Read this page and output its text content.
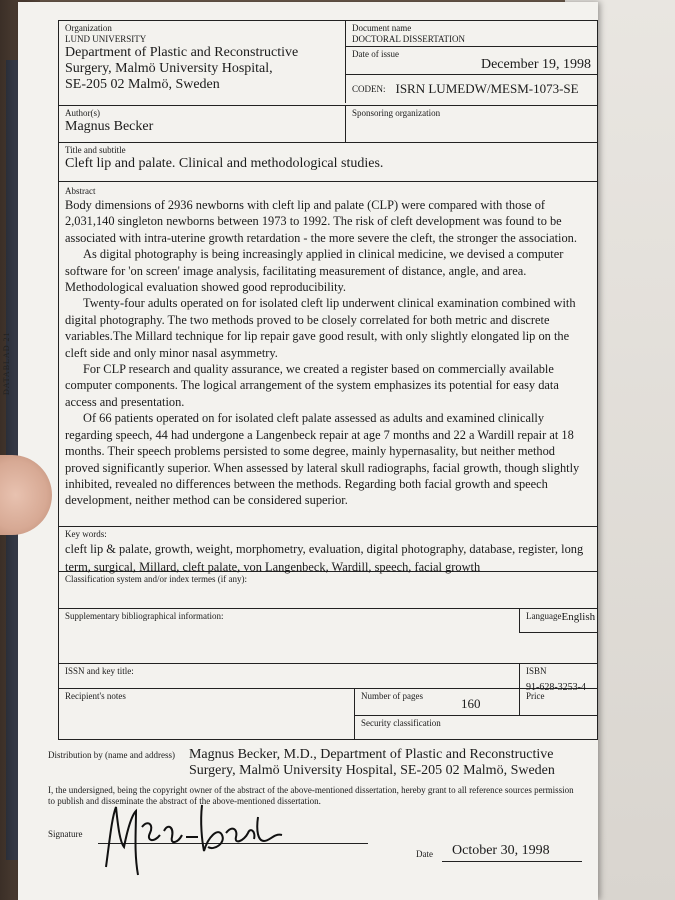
Organization
LUND UNIVERSITY
Department of Plastic and Reconstructive
Surgery, Malmö University Hospital,
SE-205 02 Malmö, Sweden
Document name
DOCTORAL DISSERTATION
Date of issue
December 19, 1998
CODEN: ISRN LUMEDW/MESM-1073-SE
Author(s)
Magnus Becker
Sponsoring organization
Title and subtitle
Cleft lip and palate. Clinical and methodological studies.
Abstract

Body dimensions of 2936 newborns with cleft lip and palate (CLP) were compared with those of 2,031,140 singleton newborns between 1973 to 1992. The risk of cleft development was found to be associated with intra-uterine growth retardation - the more severe the cleft, the stronger the association.

As digital photography is being increasingly applied in clinical medicine, we devised a computer software for 'on screen' image analysis, facilitating measurement of distance, angle, and area. Methodological evaluation showed good reproducibility.

Twenty-four adults operated on for isolated cleft lip underwent clinical examination combined with digital photography. The two methods proved to be closely correlated for both metric and discrete variables.The Millard technique for lip repair gave good result, with only slightly elongated lip on the cleft side and only minor nasal asymmetry.

For CLP research and quality assurance, we created a register based on commercially available computer components. The logical arrangement of the system emphasizes its potential for easy data access and presentation.

Of 66 patients operated on for isolated cleft palate assessed as adults and examined clinically regarding speech, 44 had undergone a Langenbeck repair at age 7 months and 22 a Wardill repair at 18 months. Their speech problems persisted to some degree, mainly hypernasality, but neither method proved significantly superior. When assessed by lateral skull radiographs, facial growth, though slightly inhibited, revealed no differences between the methods. Regarding both facial growth and speech development, neither method can be considered superior.

Key words:
cleft lip & palate, growth, weight, morphometry, evaluation, digital photography, database, register, long term, surgical, Millard, cleft palate, von Langenbeck, Wardill, speech, facial growth
Classification system and/or index termes (if any):
Supplementary bibliographical information:	Language English
ISSN and key title:	ISBN
91-628-3253-4
Recipient's notes	Number of pages	160	Price
Security classification
Distribution by (name and address) Magnus Becker, M.D., Department of Plastic and Reconstructive
Surgery, Malmö University Hospital, SE-205 02 Malmö, Sweden
I, the undersigned, being the copyright owner of the abstract of the above-mentioned dissertation, hereby grant to all reference sources permission to publish and disseminate the abstract of the above-mentioned dissertation.
Signature
Date October 30, 1998
DATABLAD 21
